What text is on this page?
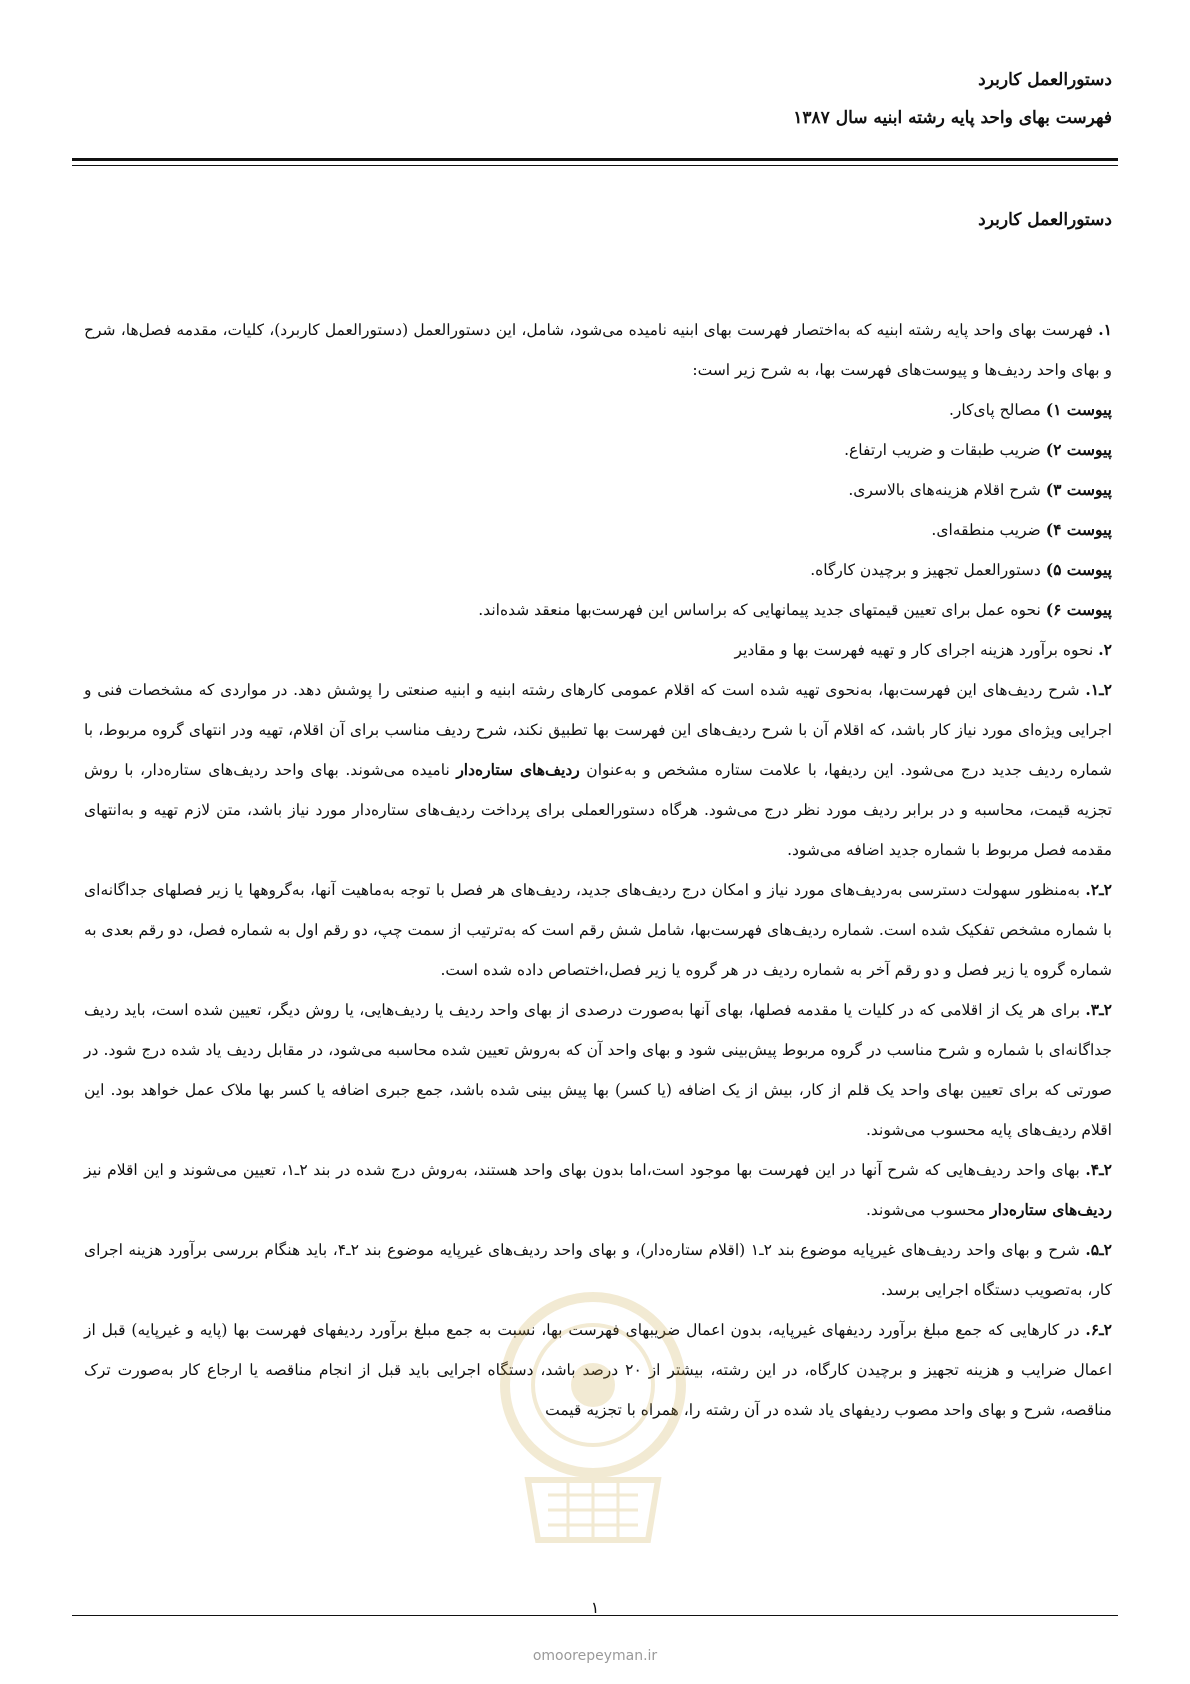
دستورالعمل کاربرد
فهرست بهای واحد پایه رشته ابنیه سال ۱۳۸۷
دستورالعمل کاربرد

۱. فهرست بهای واحد پایه رشته ابنیه که به‌اختصار فهرست بهای ابنیه نامیده می‌شود، شامل، این دستورالعمل (دستورالعمل کاربرد)، کلیات، مقدمه فصل‌ها، شرح و بهای واحد ردیف‌ها و پیوست‌های فهرست بها، به شرح زیر است:

پیوست ۱) مصالح پای‌کار.

پیوست ۲) ضریب طبقات و ضریب ارتفاع.

پیوست ۳) شرح اقلام هزینه‌های بالاسری.

پیوست ۴) ضریب منطقه‌ای.

پیوست ۵) دستورالعمل تجهیز و برچیدن کارگاه.

پیوست ۶) نحوه عمل برای تعیین قیمتهای جدید پیمانهایی که براساس این فهرست‌بها منعقد شده‌اند.

۲. نحوه برآورد هزینه اجرای کار و تهیه فهرست بها و مقادیر

۲ـ۱. شرح ردیف‌های این فهرست‌بها، به‌نحوی تهیه شده است که اقلام عمومی کارهای رشته ابنیه و ابنیه صنعتی را پوشش دهد. در مواردی که مشخصات فنی و اجرایی ویژه‌ای مورد نیاز کار باشد، که اقلام آن با شرح ردیف‌های این فهرست بها تطبیق نکند، شرح ردیف مناسب برای آن اقلام، تهیه ودر انتهای گروه مربوط، با شماره ردیف جدید درج می‌شود. این ردیفها، با علامت ستاره مشخص و به‌عنوان ردیف‌های ستاره‌دار نامیده می‌شوند. بهای واحد ردیف‌های ستاره‌دار، با روش تجزیه قیمت، محاسبه و در برابر ردیف مورد نظر درج می‌شود. هرگاه دستورالعملی برای پرداخت ردیف‌های ستاره‌دار مورد نیاز باشد، متن لازم تهیه و به‌انتهای مقدمه فصل مربوط با شماره جدید اضافه می‌شود.

۲ـ۲. به‌منظور سهولت دسترسی به‌ردیف‌های مورد نیاز و امکان درج ردیف‌های جدید، ردیف‌های هر فصل با توجه به‌ماهیت آنها، به‌گروهها یا زیر فصلهای جداگانه‌ای با شماره مشخص تفکیک شده است. شماره ردیف‌های فهرست‌بها، شامل شش رقم است که به‌ترتیب از سمت چپ، دو رقم اول به شماره فصل، دو رقم بعدی به شماره گروه یا زیر فصل و دو رقم آخر به شماره ردیف در هر گروه یا زیر فصل،اختصاص داده شده است.

۲ـ۳. برای هر یک از اقلامی که در کلیات یا مقدمه فصلها، بهای آنها به‌صورت درصدی از بهای واحد ردیف یا ردیف‌هایی، یا روش دیگر، تعیین شده است، باید ردیف جداگانه‌ای با شماره و شرح مناسب در گروه مربوط پیش‌بینی شود و بهای واحد آن که به‌روش تعیین شده محاسبه می‌شود، در مقابل ردیف یاد شده درج شود. در صورتی که برای تعیین بهای واحد یک قلم از کار، بیش از یک اضافه (یا کسر) بها پیش بینی شده باشد، جمع جبری اضافه یا کسر بها ملاک عمل خواهد بود. این اقلام ردیف‌های پایه محسوب می‌شوند.

۲ـ۴. بهای واحد ردیف‌هایی که شرح آنها در این فهرست بها موجود است،اما بدون بهای واحد هستند، به‌روش درج شده در بند ۲ـ۱، تعیین می‌شوند و این اقلام نیز ردیف‌های ستاره‌دار محسوب می‌شوند.

۲ـ۵. شرح و بهای واحد ردیف‌های غیرپایه موضوع بند ۲ـ۱ (اقلام ستاره‌دار)، و بهای واحد ردیف‌های غیرپایه موضوع بند ۲ـ۴، باید هنگام بررسی برآورد هزینه اجرای کار، به‌تصویب دستگاه اجرایی برسد.

۲ـ۶. در کارهایی که جمع مبلغ برآورد ردیفهای غیرپایه، بدون اعمال ضریبهای فهرست بها، نسبت به جمع مبلغ برآورد ردیفهای فهرست بها (پایه و غیرپایه) قبل از اعمال ضرایب و هزینه تجهیز و برچیدن کارگاه، در این رشته، بیشتر از ۲۰ درصد باشد، دستگاه اجرایی باید قبل از انجام مناقصه یا ارجاع کار به‌صورت ترک مناقصه، شرح و بهای واحد مصوب ردیفهای یاد شده در آن رشته را، همراه با تجزیه قیمت

۱
omoorepeyman.ir
